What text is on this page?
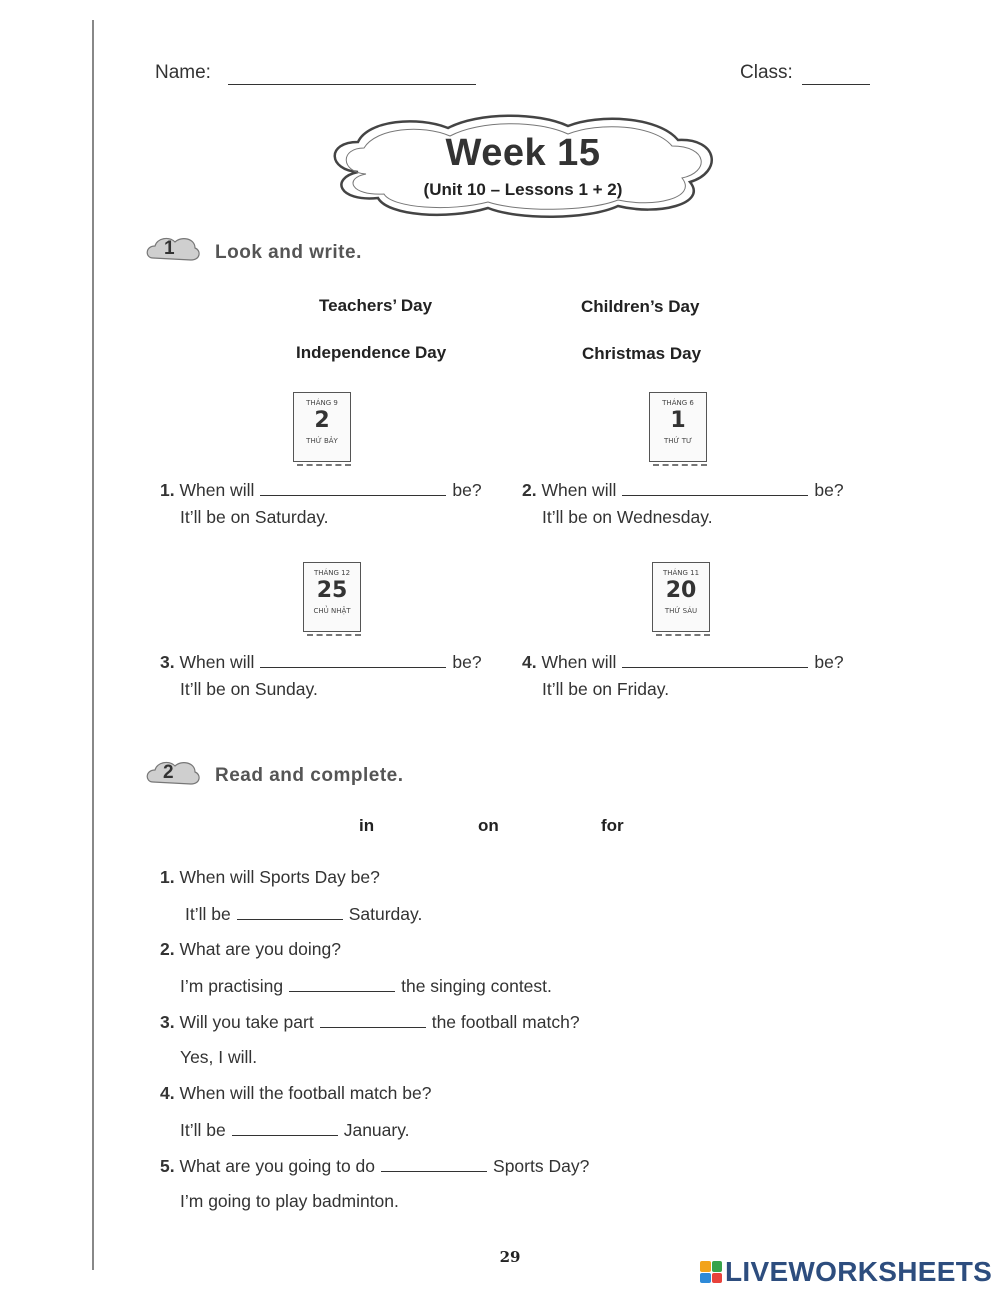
Name:	Class:
Week 15
(Unit 10 – Lessons 1 + 2)
1 Look and write.
Teachers’ Day	Children’s Day
Independence Day	Christmas Day
THÁNG 9
2
THỨ BẢY
THÁNG 6
1
THỨ TƯ
1. When will	be?
It’ll be on Saturday.
2. When will	be?
It’ll be on Wednesday.
THÁNG 12
25
CHỦ NHẬT
THÁNG 11
20
THỨ SÁU
3. When will	be?
It’ll be on Sunday.
4. When will	be?
It’ll be on Friday.
2 Read and complete.
in	on	for
1. When will Sports Day be?
It’ll be	Saturday.
2. What are you doing?
I’m practising	the singing contest.
3. Will you take part	the football match?
Yes, I will.
4. When will the football match be?
It’ll be	January.
5. What are you going to do	Sports Day?
I’m going to play badminton.
29	LIVEWORKSHEETS
